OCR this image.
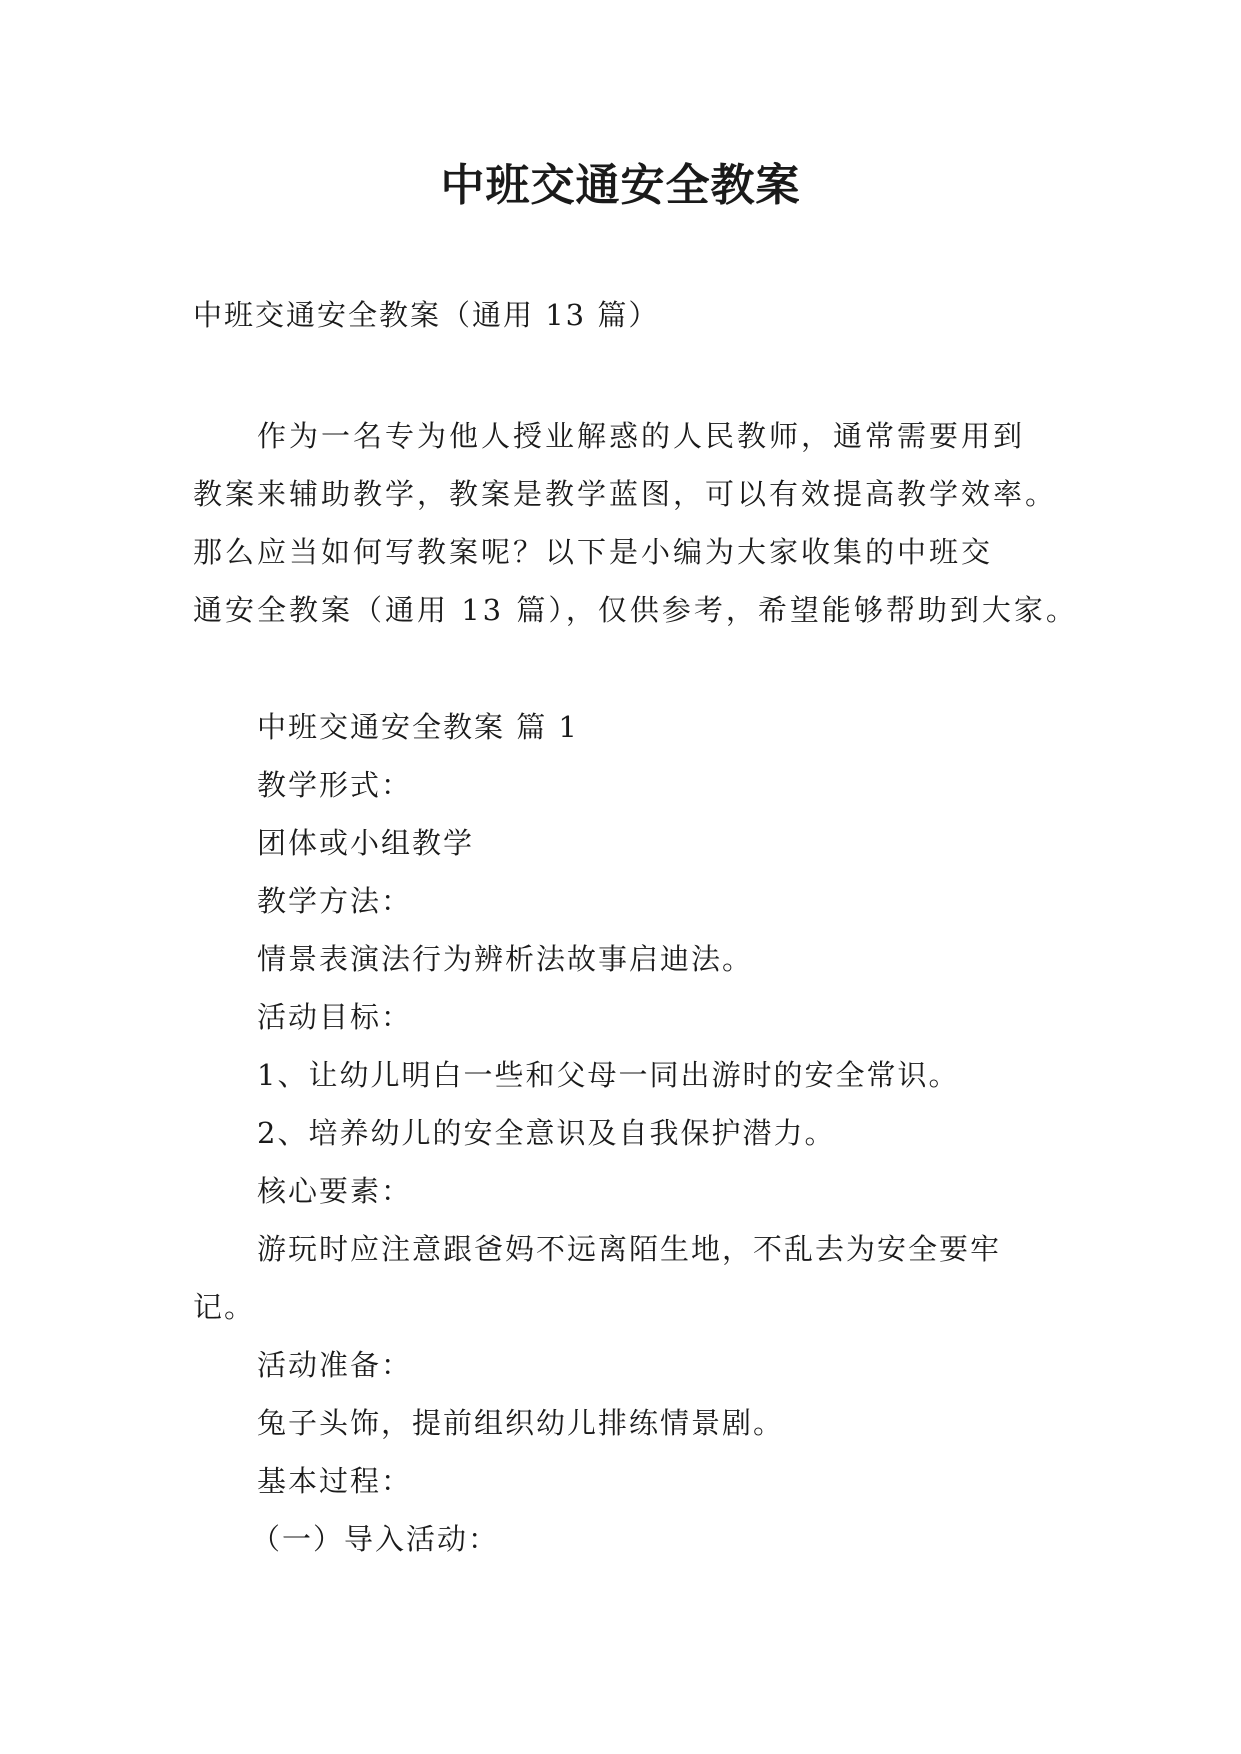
中班交通安全教案
中班交通安全教案（通用 13 篇）
作为一名专为他人授业解惑的人民教师，通常需要用到
教案来辅助教学，教案是教学蓝图，可以有效提高教学效率。
那么应当如何写教案呢？以下是小编为大家收集的中班交
通安全教案（通用 13 篇），仅供参考，希望能够帮助到大家。
中班交通安全教案 篇 1
教学形式：
团体或小组教学
教学方法：
情景表演法行为辨析法故事启迪法。
活动目标：
1、让幼儿明白一些和父母一同出游时的安全常识。
2、培养幼儿的安全意识及自我保护潜力。
核心要素：
游玩时应注意跟爸妈不远离陌生地，不乱去为安全要牢
记。
活动准备：
兔子头饰，提前组织幼儿排练情景剧。
基本过程：
（一）导入活动：
